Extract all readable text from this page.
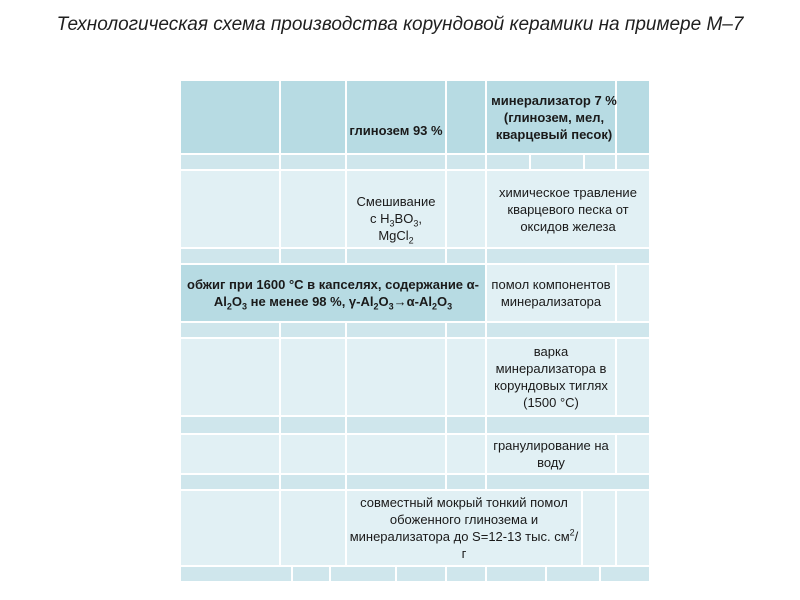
Технологическая схема производства корундовой керамики на примере М–7
глинозем 93 %
минерализатор 7 % (глинозем, мел, кварцевый песок)
Смешивание
с $H_3BO_3$,
MgCl$_2$
химическое травление кварцевого песка от оксидов железа
обжиг при 1600 °С в капселях, содержание $\alpha-Al_2O_3$ не менее 98 %, $\gamma-Al_2O_3\to\alpha-Al_2O_3$
помол компонентов минерализатора
варка минерализатора в корундовых тиглях (1500 °С)
гранулирование на воду
совместный мокрый тонкий помол обоженного глинозема и минерализатора до S=12-13 тыс. $см^2/г$
